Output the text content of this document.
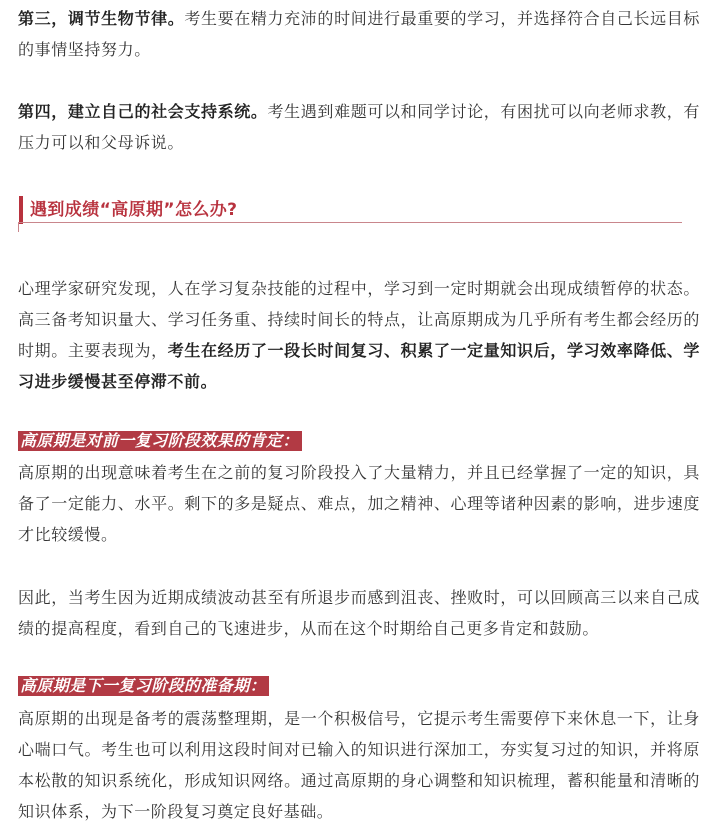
第三，调节生物节律。考生要在精力充沛的时间进行最重要的学习，并选择符合自己长远目标的事情坚持努力。

第四，建立自己的社会支持系统。考生遇到难题可以和同学讨论，有困扰可以向老师求教，有压力可以和父母诉说。

遇到成绩“高原期”怎么办?

心理学家研究发现，人在学习复杂技能的过程中，学习到一定时期就会出现成绩暂停的状态。高三备考知识量大、学习任务重、持续时间长的特点，让高原期成为几乎所有考生都会经历的时期。主要表现为，考生在经历了一段长时间复习、积累了一定量知识后，学习效率降低、学习进步缓慢甚至停滞不前。

高原期是对前一复习阶段效果的肯定：

高原期的出现意味着考生在之前的复习阶段投入了大量精力，并且已经掌握了一定的知识，具备了一定能力、水平。剩下的多是疑点、难点，加之精神、心理等诸种因素的影响，进步速度才比较缓慢。

因此，当考生因为近期成绩波动甚至有所退步而感到沮丧、挫败时，可以回顾高三以来自己成绩的提高程度，看到自己的飞速进步，从而在这个时期给自己更多肯定和鼓励。

高原期是下一复习阶段的准备期：

高原期的出现是备考的震荡整理期，是一个积极信号，它提示考生需要停下来休息一下，让身心喘口气。考生也可以利用这段时间对已输入的知识进行深加工，夯实复习过的知识，并将原本松散的知识系统化，形成知识网络。通过高原期的身心调整和知识梳理，蓄积能量和清晰的知识体系，为下一阶段复习奠定良好基础。
